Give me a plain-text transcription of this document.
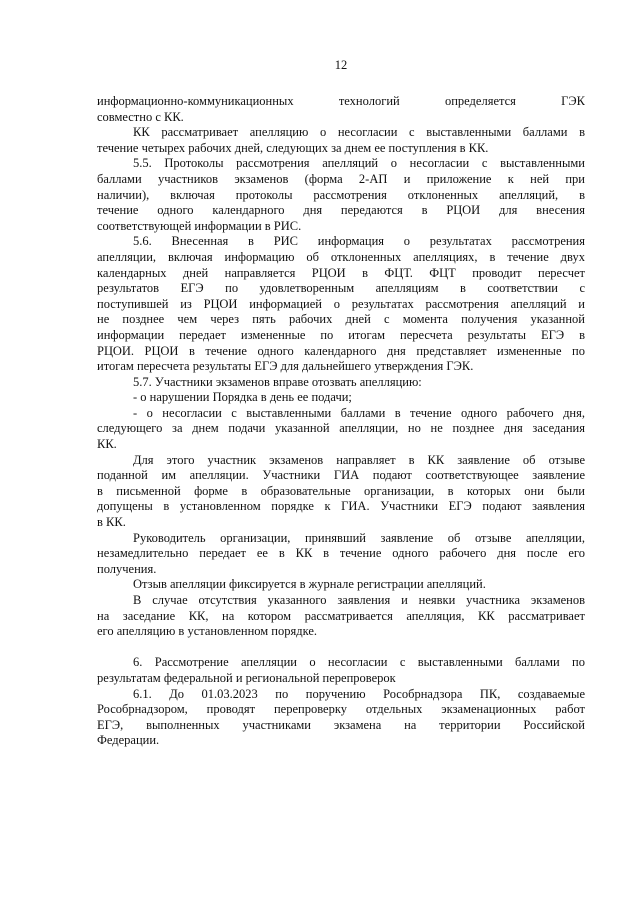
12
информационно-коммуникационных технологий определяется ГЭК
совместно с КК.
КК рассматривает апелляцию о несогласии с выставленными баллами в
течение четырех рабочих дней, следующих за днем ее поступления в КК.
5.5. Протоколы рассмотрения апелляций о несогласии с выставленными
баллами участников экзаменов (форма 2-АП и приложение к ней при
наличии), включая протоколы рассмотрения отклоненных апелляций, в
течение одного календарного дня передаются в РЦОИ для внесения
соответствующей информации в РИС.
5.6. Внесенная в РИС информация о результатах рассмотрения
апелляции, включая информацию об отклоненных апелляциях, в течение двух
календарных дней направляется РЦОИ в ФЦТ. ФЦТ проводит пересчет
результатов ЕГЭ по удовлетворенным апелляциям в соответствии с
поступившей из РЦОИ информацией о результатах рассмотрения апелляций и
не позднее чем через пять рабочих дней с момента получения указанной
информации передает измененные по итогам пересчета результаты ЕГЭ в
РЦОИ. РЦОИ в течение одного календарного дня представляет измененные по
итогам пересчета результаты ЕГЭ для дальнейшего утверждения ГЭК.
5.7. Участники экзаменов вправе отозвать апелляцию:
- о нарушении Порядка в день ее подачи;
- о несогласии с выставленными баллами в течение одного рабочего дня,
следующего за днем подачи указанной апелляции, но не позднее дня заседания
КК.
Для этого участник экзаменов направляет в КК заявление об отзыве
поданной им апелляции. Участники ГИА подают соответствующее заявление
в письменной форме в образовательные организации, в которых они были
допущены в установленном порядке к ГИА. Участники ЕГЭ подают заявления
в КК.
Руководитель организации, принявший заявление об отзыве апелляции,
незамедлительно передает ее в КК в течение одного рабочего дня после его
получения.
Отзыв апелляции фиксируется в журнале регистрации апелляций.
В случае отсутствия указанного заявления и неявки участника экзаменов
на заседание КК, на котором рассматривается апелляция, КК рассматривает
его апелляцию в установленном порядке.
6. Рассмотрение апелляции о несогласии с выставленными баллами по
результатам федеральной и региональной перепроверок
6.1. До 01.03.2023 по поручению Рособрнадзора ПК, создаваемые
Рособрнадзором, проводят перепроверку отдельных экзаменационных работ
ЕГЭ, выполненных участниками экзамена на территории Российской
Федерации.
